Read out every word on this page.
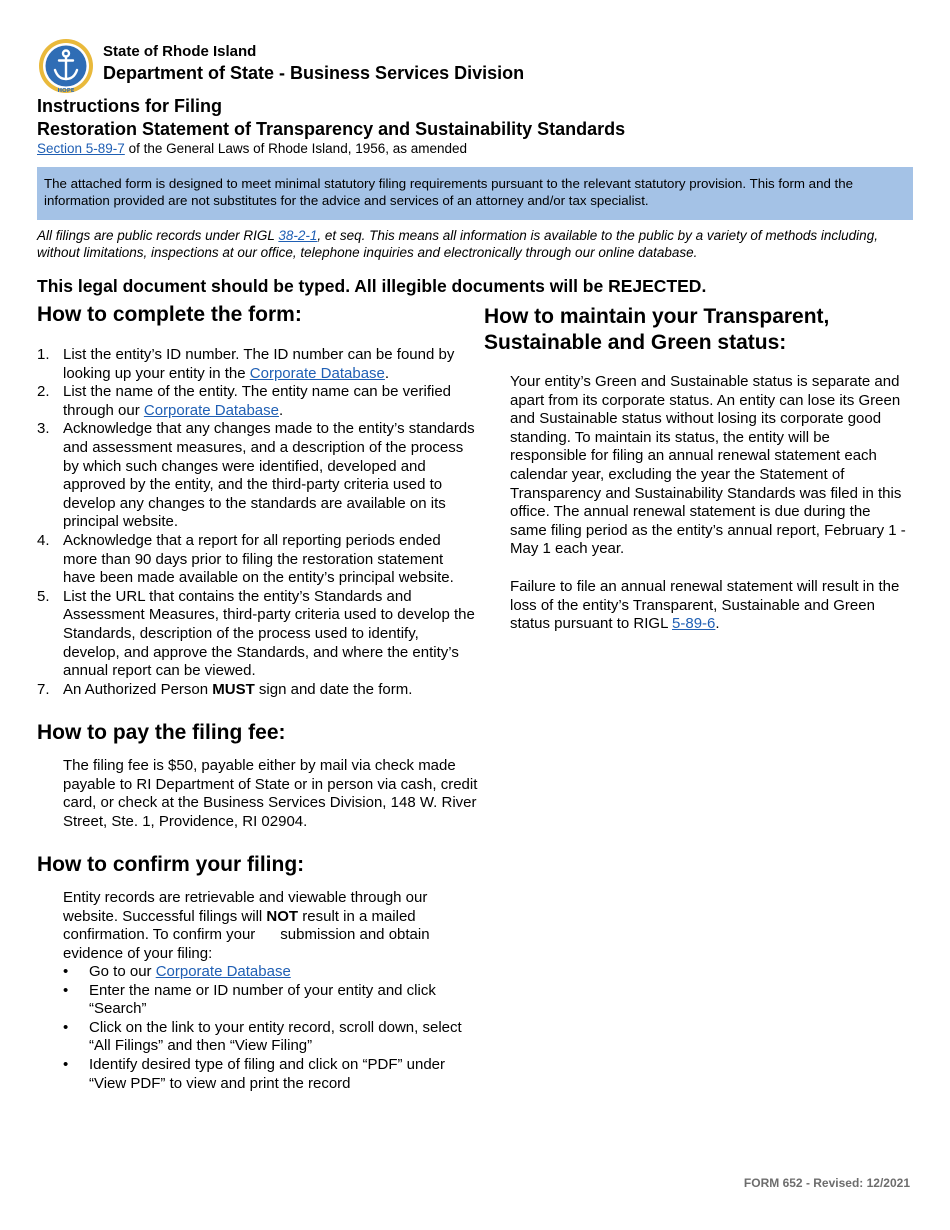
HOPE
State of Rhode Island
Department of State - Business Services Division
Instructions for Filing
Restoration Statement of Transparency and Sustainability Standards
Section 5-89-7 of the General Laws of Rhode Island, 1956, as amended
The attached form is designed to meet minimal statutory filing requirements pursuant to the relevant statutory provision. This form and the information provided are not substitutes for the advice and services of an attorney and/or tax specialist.
All filings are public records under RIGL 38-2-1, et seq. This means all information is available to the public by a variety of methods including, without limitations, inspections at our office, telephone inquiries and electronically through our online database.
This legal document should be typed. All illegible documents will be REJECTED.
How to complete the form:
1. List the entity’s ID number. The ID number can be found by looking up your entity in the Corporate Database.
2. List the name of the entity. The entity name can be verified through our Corporate Database.
3. Acknowledge that any changes made to the entity’s standards and assessment measures, and a description of the process by which such changes were identified, developed and approved by the entity, and the third-party criteria used to develop any changes to the standards are available on its principal website.
4. Acknowledge that a report for all reporting periods ended more than 90 days prior to filing the restoration statement have been made available on the entity’s principal website.
5. List the URL that contains the entity’s Standards and Assessment Measures, third-party criteria used to develop the Standards, description of the process used to identify, develop, and approve the Standards, and where the entity’s annual report can be viewed.
7. An Authorized Person MUST sign and date the form.
How to pay the filing fee:
The filing fee is $50, payable either by mail via check made payable to RI Department of State or in person via cash, credit card, or check at the Business Services Division, 148 W. River Street, Ste. 1, Providence, RI 02904.
How to confirm your filing:
Entity records are retrievable and viewable through our website. Successful filings will NOT result in a mailed confirmation. To confirm your      submission and obtain evidence of your filing:
•	Go to our Corporate Database
•	Enter the name or ID number of your entity and click “Search”
•	Click on the link to your entity record, scroll down, select “All Filings” and then “View Filing”
•	Identify desired type of filing and click on “PDF” under “View PDF” to view and print the record
How to maintain your Transparent, Sustainable and Green status:
Your entity’s Green and Sustainable status is separate and apart from its corporate status. An entity can lose its Green and Sustainable status without losing its corporate good standing. To maintain its status, the entity will be responsible for filing an annual renewal statement each calendar year, excluding the year the Statement of Transparency and Sustainability Standards was filed in this office. The annual renewal statement is due during the same filing period as the entity’s annual report, February 1 - May 1 each year.
Failure to file an annual renewal statement will result in the loss of the entity’s Transparent, Sustainable and Green status pursuant to RIGL 5-89-6.
FORM 652 - Revised: 12/2021
